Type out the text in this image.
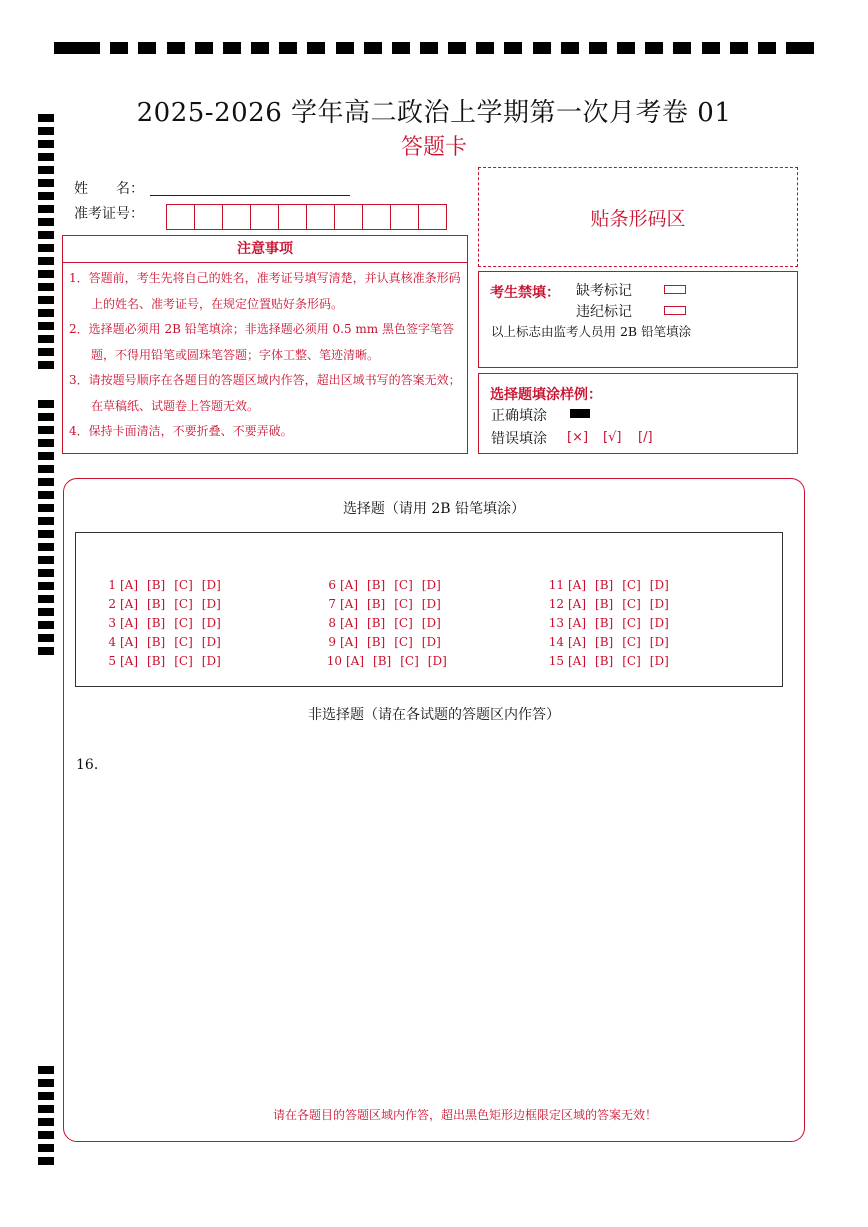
2025-2026 学年高二政治上学期第一次月考卷 01
答题卡
姓　　名：
准考证号：
注意事项
1．答题前，考生先将自己的姓名，准考证号填写清楚，并认真核准条形码上的姓名、准考证号，在规定位置贴好条形码。
2．选择题必须用 2B 铅笔填涂；非选择题必须用 0.5 mm 黑色签字笔答题，不得用铅笔或圆珠笔答题；字体工整、笔迹清晰。
3．请按题号顺序在各题目的答题区域内作答，超出区域书写的答案无效；在草稿纸、试题卷上答题无效。
4．保持卡面清洁，不要折叠、不要弄破。
贴条形码区
考生禁填： 缺考标记
违纪标记
以上标志由监考人员用 2B 铅笔填涂
选择题填涂样例：
正确填涂
错误填涂 [×] [√] [/]
选择题（请用 2B 铅笔填涂）
1 [A] [B] [C] [D]
2 [A] [B] [C] [D]
3 [A] [B] [C] [D]
4 [A] [B] [C] [D]
5 [A] [B] [C] [D]
6 [A] [B] [C] [D]
7 [A] [B] [C] [D]
8 [A] [B] [C] [D]
9 [A] [B] [C] [D]
10 [A] [B] [C] [D]
11 [A] [B] [C] [D]
12 [A] [B] [C] [D]
13 [A] [B] [C] [D]
14 [A] [B] [C] [D]
15 [A] [B] [C] [D]
非选择题（请在各试题的答题区内作答）
16．
请在各题目的答题区域内作答，超出黑色矩形边框限定区域的答案无效！
